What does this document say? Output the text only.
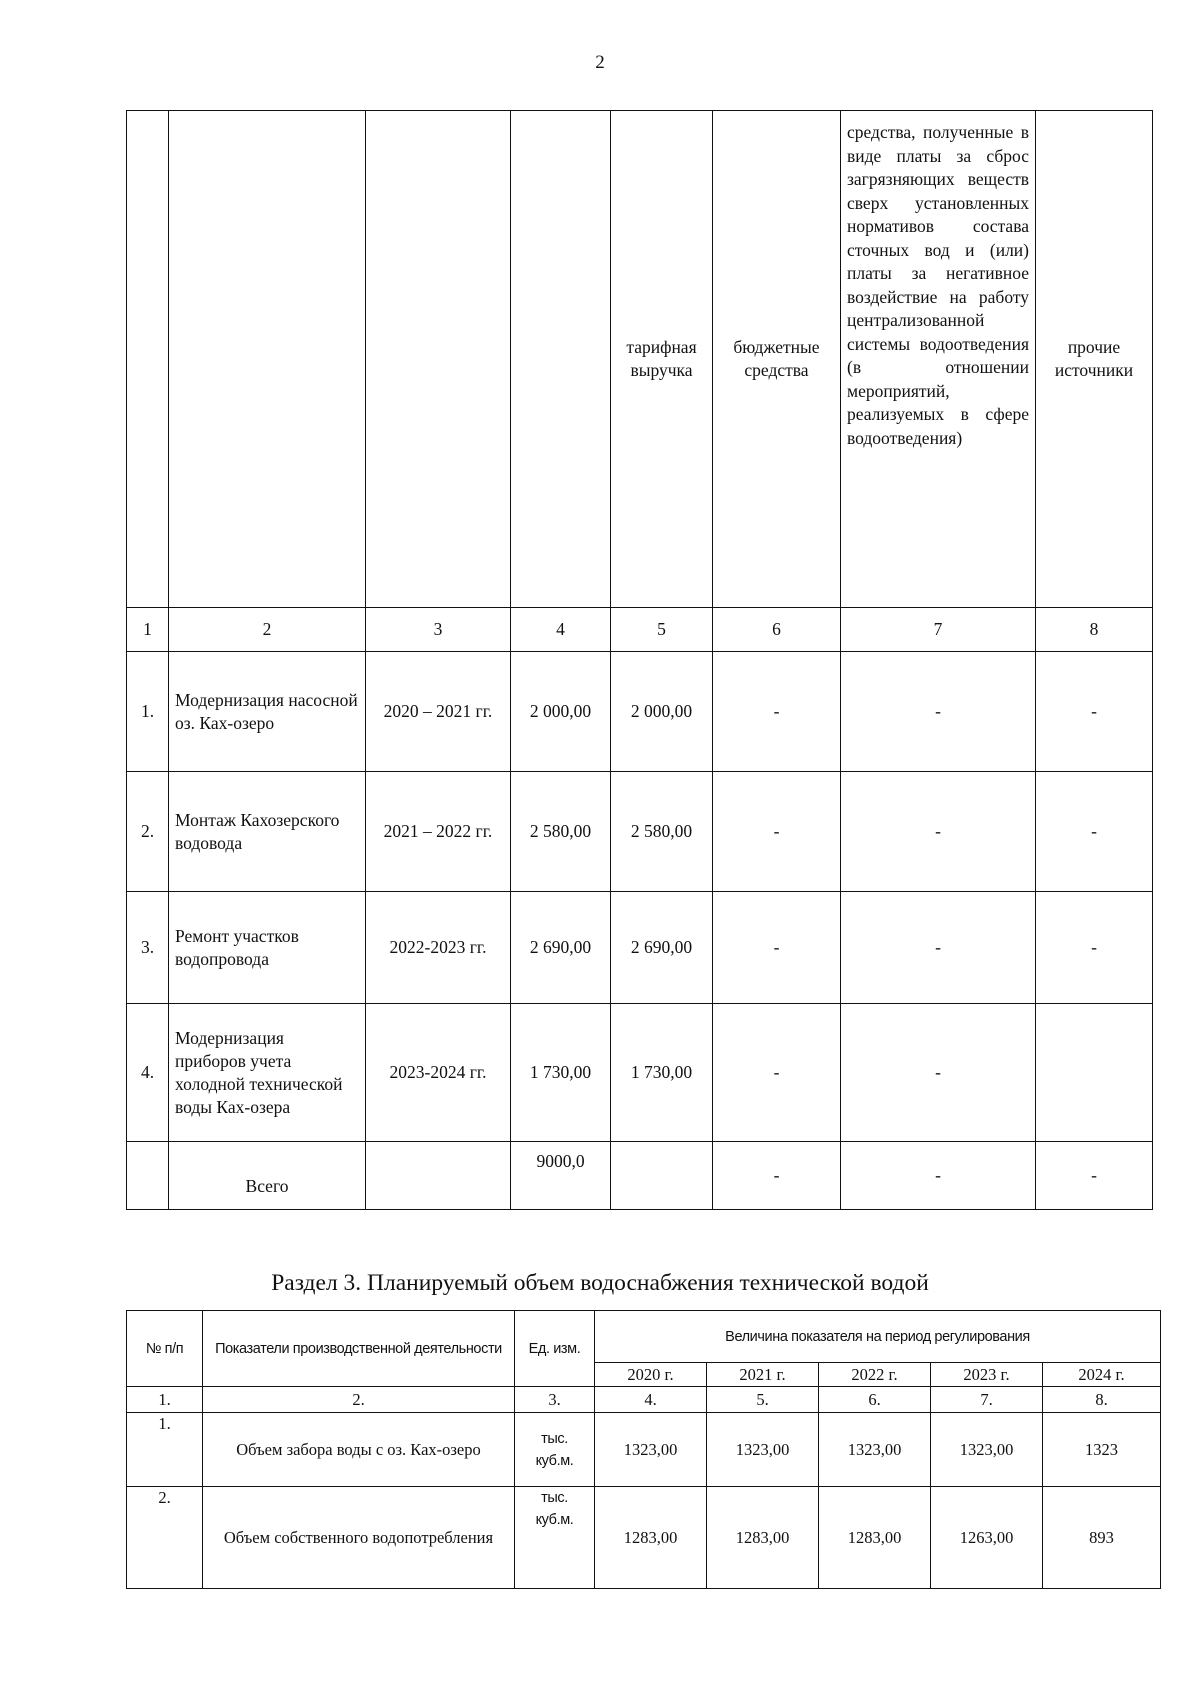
2
				тарифная выручка	бюджетные средства	средства, полученные в виде платы за сброс загрязняющих веществ сверх установленных нормативов состава сточных вод и (или) платы за негативное воздействие на работу централизованной системы водоотведения (в отношении мероприятий, реализуемых в сфере водоотведения)	прочие источники
1	2	3	4	5	6	7	8
1.	Модернизация насосной оз. Ках-озеро	2020 – 2021 гг.	2 000,00	2 000,00	-	-	-
2.	Монтаж Кахозерского водовода	2021 – 2022 гг.	2 580,00	2 580,00	-	-	-
3.	Ремонт участков водопровода	2022-2023 гг.	2 690,00	2 690,00	-	-	-
4.	Модернизация приборов учета холодной технической воды Ках-озера	2023-2024 гг.	1 730,00	1 730,00	-	-	
	Всего		9000,0		-	-	-
Раздел 3. Планируемый объем водоснабжения технической водой
№ п/п	Показатели производственной деятельности	Ед. изм.	Величина показателя на период регулирования				
			2020 г.	2021 г.	2022 г.	2023 г.	2024 г.
1.	2.	3.	4.	5.	6.	7.	8.
1.	Объем забора воды с оз. Ках-озеро	тыс. куб.м.	1323,00	1323,00	1323,00	1323,00	1323
2.	Объем собственного водопотребления	тыс. куб.м.	1283,00	1283,00	1283,00	1263,00	893
